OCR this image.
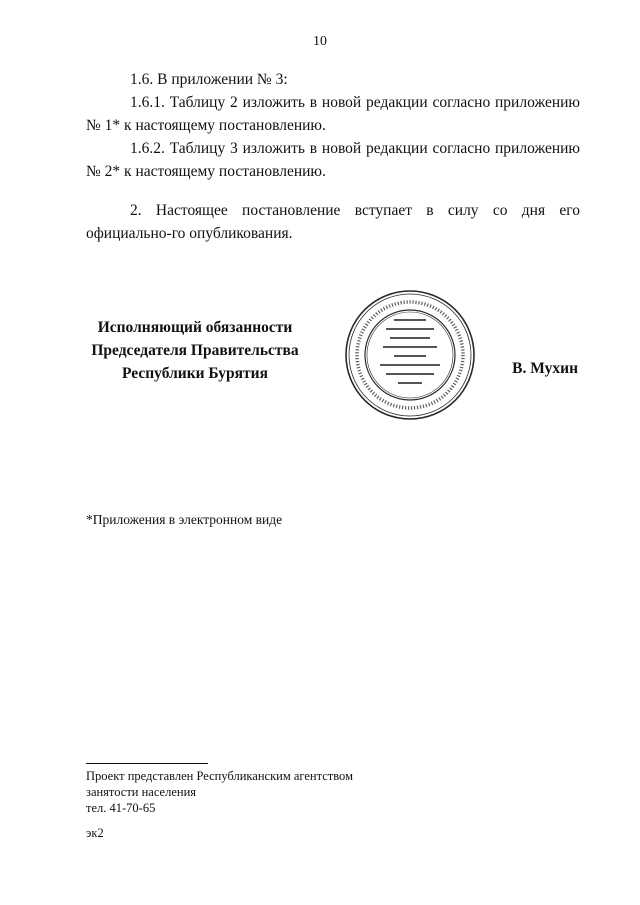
10

1.6. В приложении № 3:

1.6.1. Таблицу 2 изложить в новой редакции согласно приложению № 1* к настоящему постановлению.

1.6.2. Таблицу 3 изложить в новой редакции согласно приложению № 2* к настоящему постановлению.

2. Настоящее постановление вступает в силу со дня его официально-го опубликования.

Исполняющий обязанности
Председателя Правительства
Республики Бурятия	В. Мухин
*Приложения в электронном виде
Проект представлен Республиканским агентством
занятости населения
тел. 41-70-65
эк2
